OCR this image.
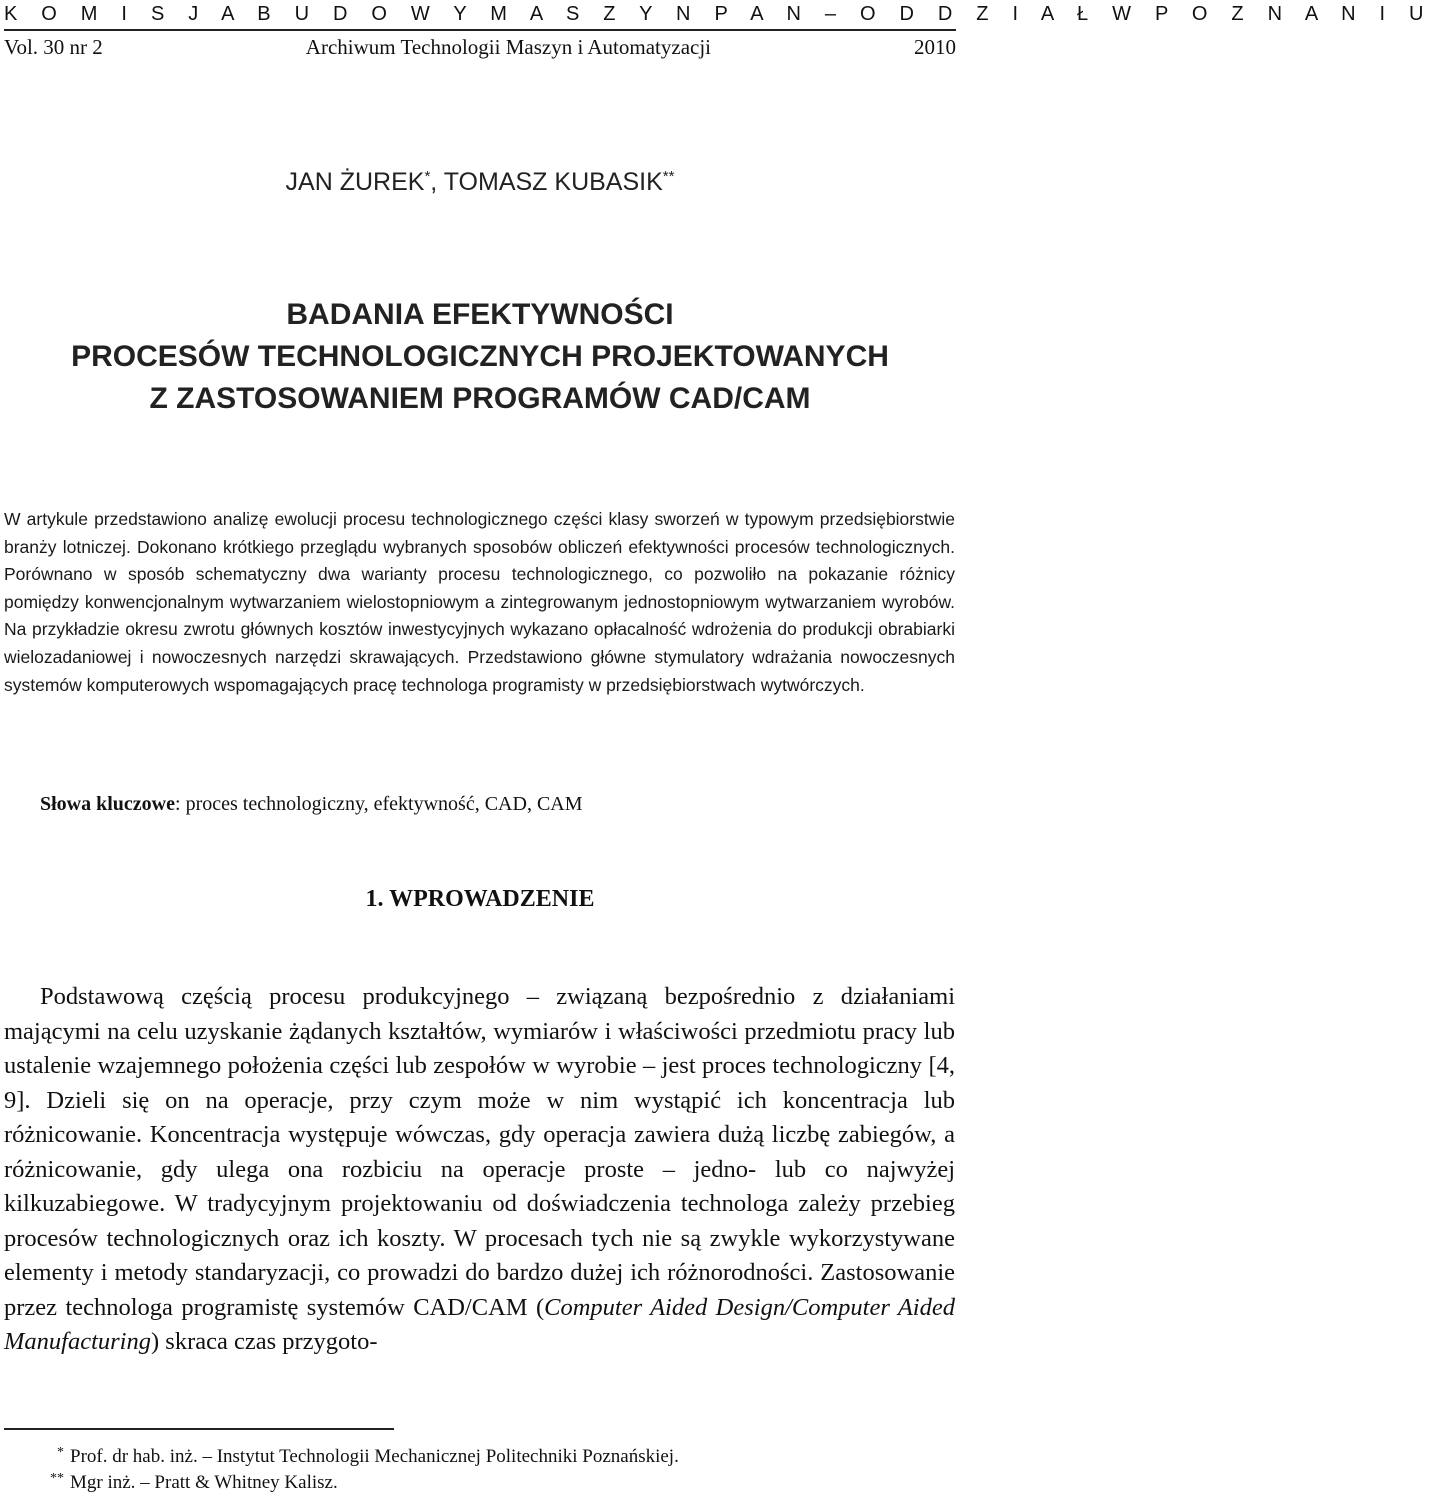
K O M I S J A B U D O W Y M A S Z Y N P A N – O D D Z I A Ł W P O Z N A N I U
Vol. 30 nr 2	Archiwum Technologii Maszyn i Automatyzacji	2010
JAN ŻUREK*, TOMASZ KUBASIK**
BADANIA EFEKTYWNOŚCI
PROCESÓW TECHNOLOGICZNYCH PROJEKTOWANYCH
Z ZASTOSOWANIEM PROGRAMÓW CAD/CAM
W artykule przedstawiono analizę ewolucji procesu technologicznego części klasy sworzeń w typowym przedsiębiorstwie branży lotniczej. Dokonano krótkiego przeglądu wybranych sposobów obliczeń efektywności procesów technologicznych. Porównano w sposób schematyczny dwa warianty procesu technologicznego, co pozwoliło na pokazanie różnicy pomiędzy konwencjonalnym wytwarzaniem wielostopniowym a zintegrowanym jednostopniowym wytwarzaniem wyrobów. Na przykładzie okresu zwrotu głównych kosztów inwestycyjnych wykazano opłacalność wdrożenia do produkcji obrabiarki wielozadaniowej i nowoczesnych narzędzi skrawających. Przedstawiono główne stymulatory wdrażania nowoczesnych systemów komputerowych wspomagających pracę technologa programisty w przedsiębiorstwach wytwórczych.
Słowa kluczowe: proces technologiczny, efektywność, CAD, CAM
1. WPROWADZENIE
Podstawową częścią procesu produkcyjnego – związaną bezpośrednio z działaniami mającymi na celu uzyskanie żądanych kształtów, wymiarów i właściwości przedmiotu pracy lub ustalenie wzajemnego położenia części lub zespołów w wyrobie – jest proces technologiczny [4, 9]. Dzieli się on na operacje, przy czym może w nim wystąpić ich koncentracja lub różnicowanie. Koncentracja występuje wówczas, gdy operacja zawiera dużą liczbę zabiegów, a różnicowanie, gdy ulega ona rozbiciu na operacje proste – jedno- lub co najwyżej kilkuzabiegowe. W tradycyjnym projektowaniu od doświadczenia technologa zależy przebieg procesów technologicznych oraz ich koszty. W procesach tych nie są zwykle wykorzystywane elementy i metody standaryzacji, co prowadzi do bardzo dużej ich różnorodności. Zastosowanie przez technologa programistę systemów CAD/CAM (Computer Aided Design/Computer Aided Manufacturing) skraca czas przygoto-
* Prof. dr hab. inż. – Instytut Technologii Mechanicznej Politechniki Poznańskiej.
** Mgr inż. – Pratt & Whitney Kalisz.
